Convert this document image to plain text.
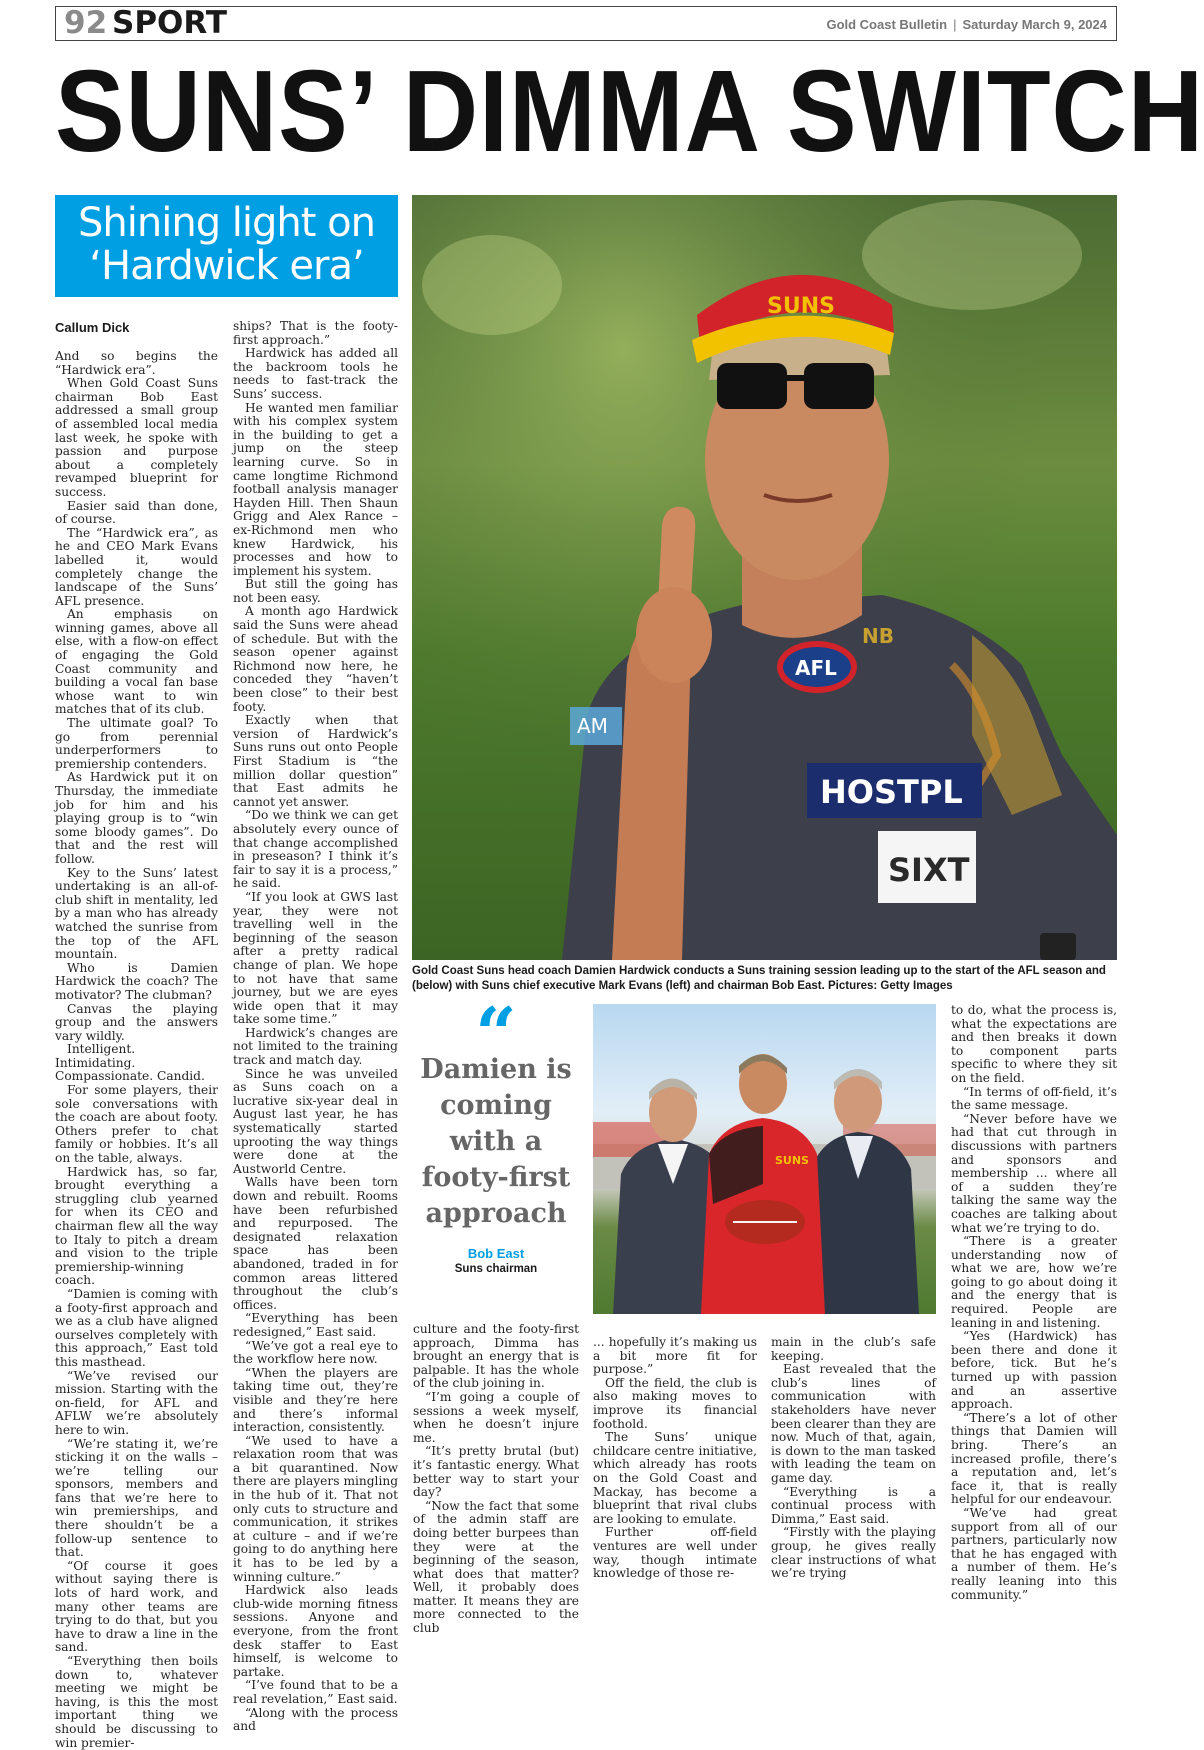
92 SPORT	Gold Coast Bulletin | Saturday March 9, 2024
SUNS’ DIMMA SWITCH
Shining light on
‘Hardwick era’
SUNS
AFL
NB
AM
HOSTPL
SIXT
Gold Coast Suns head coach Damien Hardwick conducts a Suns training session leading up to the start of the AFL season and (below) with Suns chief executive Mark Evans (left) and chairman Bob East. Pictures: Getty Images
“
Damien is coming with a footy-first approach
Bob East
Suns chairman
SUNS
Callum Dick

And so begins the “Hardwick era”.

When Gold Coast Suns chairman Bob East addressed a small group of assembled local media last week, he spoke with passion and purpose about a completely revamped blueprint for success.

Easier said than done, of course.

The “Hardwick era”, as he and CEO Mark Evans labelled it, would completely change the landscape of the Suns’ AFL presence.

An emphasis on winning games, above all else, with a flow-on effect of engaging the Gold Coast community and building a vocal fan base whose want to win matches that of its club.

The ultimate goal? To go from perennial underperformers to premiership contenders.

As Hardwick put it on Thursday, the immediate job for him and his playing group is to “win some bloody games”. Do that and the rest will follow.

Key to the Suns’ latest undertaking is an all-of-club shift in mentality, led by a man who has already watched the sunrise from the top of the AFL mountain.

Who is Damien Hardwick the coach? The motivator? The clubman?

Canvas the playing group and the answers vary wildly.

Intelligent. Intimidating. Compassionate. Candid.

For some players, their sole conversations with the coach are about footy. Others prefer to chat family or hobbies. It’s all on the table, always.

Hardwick has, so far, brought everything a struggling club yearned for when its CEO and chairman flew all the way to Italy to pitch a dream and vision to the triple premiership-winning coach.

“Damien is coming with a footy-first approach and we as a club have aligned ourselves completely with this approach,” East told this masthead.

“We’ve revised our mission. Starting with the on-field, for AFL and AFLW we’re absolutely here to win.

“We’re stating it, we’re sticking it on the walls – we’re telling our sponsors, members and fans that we’re here to win premierships, and there shouldn’t be a follow-up sentence to that.

“Of course it goes without saying there is lots of hard work, and many other teams are trying to do that, but you have to draw a line in the sand.

“Everything then boils down to, whatever meeting we might be having, is this the most important thing we should be discussing to win premier-

ships? That is the footy-first approach.”

Hardwick has added all the backroom tools he needs to fast-track the Suns’ success.

He wanted men familiar with his complex system in the building to get a jump on the steep learning curve. So in came longtime Richmond football analysis manager Hayden Hill. Then Shaun Grigg and Alex Rance – ex-Richmond men who knew Hardwick, his processes and how to implement his system.

But still the going has not been easy.

A month ago Hardwick said the Suns were ahead of schedule. But with the season opener against Richmond now here, he conceded they “haven’t been close” to their best footy.

Exactly when that version of Hardwick’s Suns runs out onto People First Stadium is “the million dollar question” that East admits he cannot yet answer.

“Do we think we can get absolutely every ounce of that change accomplished in preseason? I think it’s fair to say it is a process,” he said.

“If you look at GWS last year, they were not travelling well in the beginning of the season after a pretty radical change of plan. We hope to not have that same journey, but we are eyes wide open that it may take some time.”

Hardwick’s changes are not limited to the training track and match day.

Since he was unveiled as Suns coach on a lucrative six-year deal in August last year, he has systematically started uprooting the way things were done at the Austworld Centre.

Walls have been torn down and rebuilt. Rooms have been refurbished and repurposed. The designated relaxation space has been abandoned, traded in for common areas littered throughout the club’s offices.

“Everything has been redesigned,” East said.

“We’ve got a real eye to the workflow here now.

“When the players are taking time out, they’re visible and they’re here and there’s informal interaction, consistently.

“We used to have a relaxation room that was a bit quarantined. Now there are players mingling in the hub of it. That not only cuts to structure and communication, it strikes at culture – and if we’re going to do anything here it has to be led by a winning culture.”

Hardwick also leads club-wide morning fitness sessions. Anyone and everyone, from the front desk staffer to East himself, is welcome to partake.

“I’ve found that to be a real revelation,” East said.

“Along with the process and

culture and the footy-first approach, Dimma has brought an energy that is palpable. It has the whole of the club joining in.

“I’m going a couple of sessions a week myself, when he doesn’t injure me.

“It’s pretty brutal (but) it’s fantastic energy. What better way to start your day?

“Now the fact that some of the admin staff are doing better burpees than they were at the beginning of the season, what does that matter? Well, it probably does matter. It means they are more connected to the club

... hopefully it’s making us a bit more fit for purpose.”

Off the field, the club is also making moves to improve its financial foothold.

The Suns’ unique childcare centre initiative, which already has roots on the Gold Coast and Mackay, has become a blueprint that rival clubs are looking to emulate.

Further off-field ventures are well under way, though intimate knowledge of those re-

main in the club’s safe keeping.

East revealed that the club’s lines of communication with stakeholders have never been clearer than they are now. Much of that, again, is down to the man tasked with leading the team on game day.

“Everything is a continual process with Dimma,” East said.

“Firstly with the playing group, he gives really clear instructions of what we’re trying

to do, what the process is, what the expectations are and then breaks it down to component parts specific to where they sit on the field.

“In terms of off-field, it’s the same message.

“Never before have we had that cut through in discussions with partners and sponsors and membership ... where all of a sudden they’re talking the same way the coaches are talking about what we’re trying to do.

“There is a greater understanding now of what we are, how we’re going to go about doing it and the energy that is required. People are leaning in and listening.

“Yes (Hardwick) has been there and done it before, tick. But he’s turned up with passion and an assertive approach.

“There’s a lot of other things that Damien will bring. There’s an increased profile, there’s a reputation and, let’s face it, that is really helpful for our endeavour.

“We’ve had great support from all of our partners, particularly now that he has engaged with a number of them. He’s really leaning into this community.”
